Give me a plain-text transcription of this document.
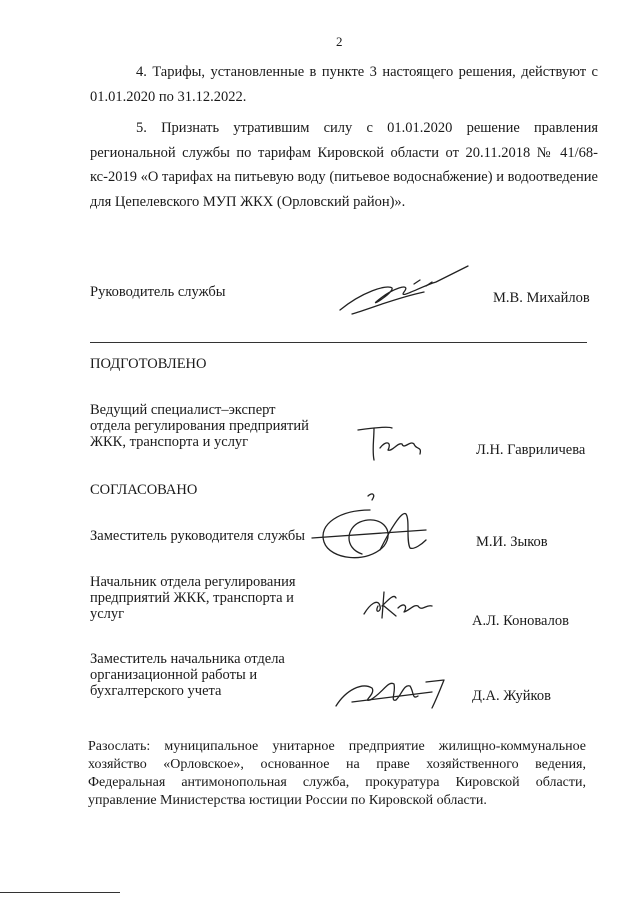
2

4. Тарифы, установленные в пункте 3 настоящего решения, действуют с 01.01.2020 по 31.12.2022.

5. Признать утратившим силу с 01.01.2020 решение правления региональной службы по тарифам Кировской области от 20.11.2018 № 41/68-кс-2019 «О тарифах на питьевую воду (питьевое водоснабжение) и водоотведение для Цепелевского МУП ЖКХ (Орловский район)».

Руководитель службы	М.В. Михайлов
ПОДГОТОВЛЕНО
Ведущий специалист–эксперт
отдела регулирования предприятий
ЖКК, транспорта и услуг	Л.Н. Гавриличева
СОГЛАСОВАНО
Заместитель руководителя службы	М.И. Зыков
Начальник отдела регулирования
предприятий ЖКК, транспорта и
услуг	А.Л. Коновалов
Заместитель начальника отдела
организационной работы и
бухгалтерского учета	Д.А. Жуйков

Разослать: муниципальное унитарное предприятие жилищно-коммунальное хозяйство «Орловское», основанное на праве хозяйственного ведения, Федеральная антимонопольная служба, прокуратура Кировской области, управление Министерства юстиции России по Кировской области.
